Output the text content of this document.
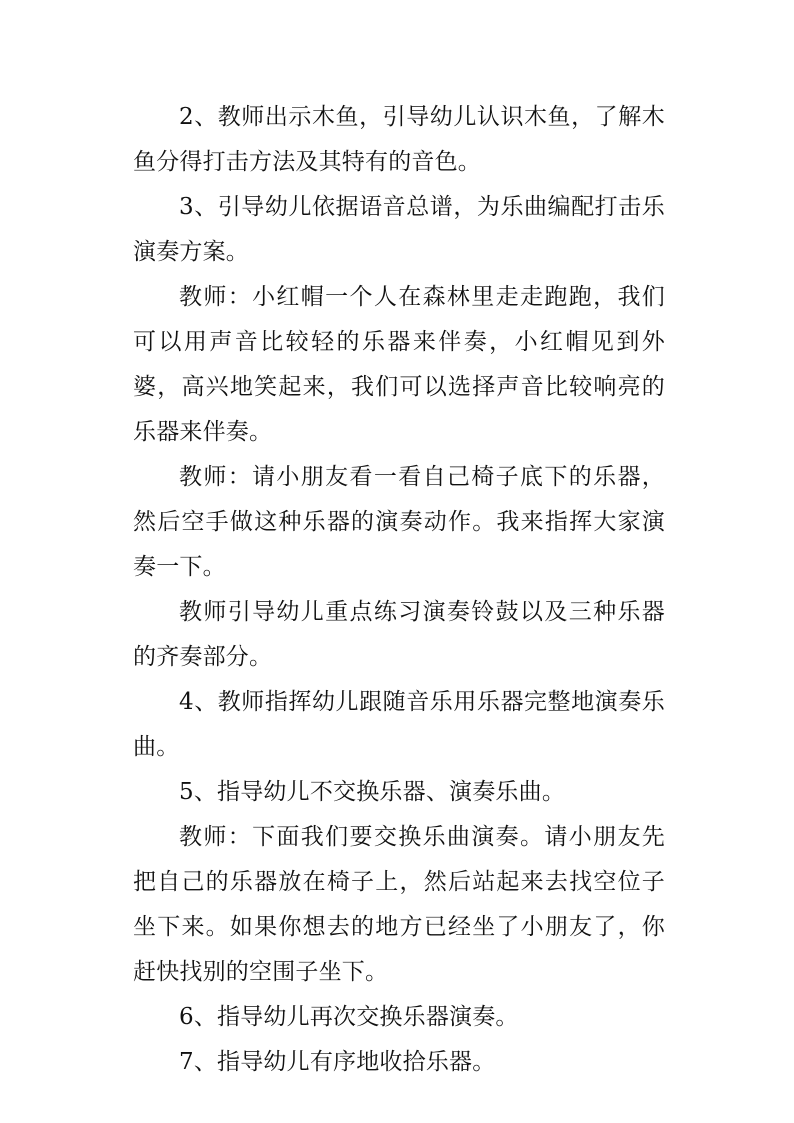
2、教师出示木鱼，引导幼儿认识木鱼，了解木鱼分得打击方法及其特有的音色。

3、引导幼儿依据语音总谱，为乐曲编配打击乐演奏方案。

教师：小红帽一个人在森林里走走跑跑，我们可以用声音比较轻的乐器来伴奏，小红帽见到外婆，高兴地笑起来，我们可以选择声音比较响亮的乐器来伴奏。

教师：请小朋友看一看自己椅子底下的乐器，然后空手做这种乐器的演奏动作。我来指挥大家演奏一下。

教师引导幼儿重点练习演奏铃鼓以及三种乐器的齐奏部分。

4、教师指挥幼儿跟随音乐用乐器完整地演奏乐曲。

5、指导幼儿不交换乐器、演奏乐曲。

教师：下面我们要交换乐曲演奏。请小朋友先把自己的乐器放在椅子上，然后站起来去找空位子坐下来。如果你想去的地方已经坐了小朋友了，你赶快找别的空围子坐下。

6、指导幼儿再次交换乐器演奏。

7、指导幼儿有序地收拾乐器。
